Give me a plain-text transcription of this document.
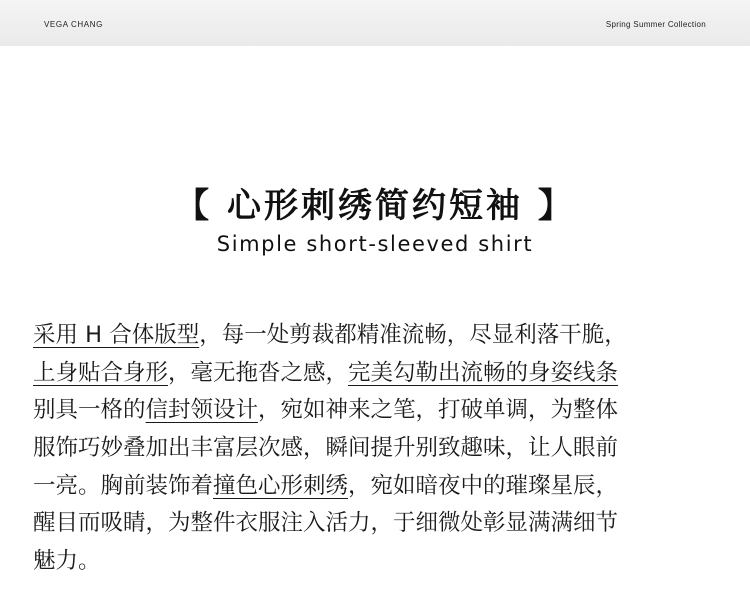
VEGA CHANG	Spring Summer Collection
【 心形刺绣简约短袖 】
Simple short-sleeved shirt
采用 H 合体版型，每一处剪裁都精准流畅，尽显利落干脆，
上身贴合身形，毫无拖沓之感，完美勾勒出流畅的身姿线条
别具一格的信封领设计，宛如神来之笔，打破单调，为整体
服饰巧妙叠加出丰富层次感，瞬间提升别致趣味，让人眼前
一亮。胸前装饰着撞色心形刺绣，宛如暗夜中的璀璨星辰，
醒目而吸睛，为整件衣服注入活力，于细微处彰显满满细节
魅力。
